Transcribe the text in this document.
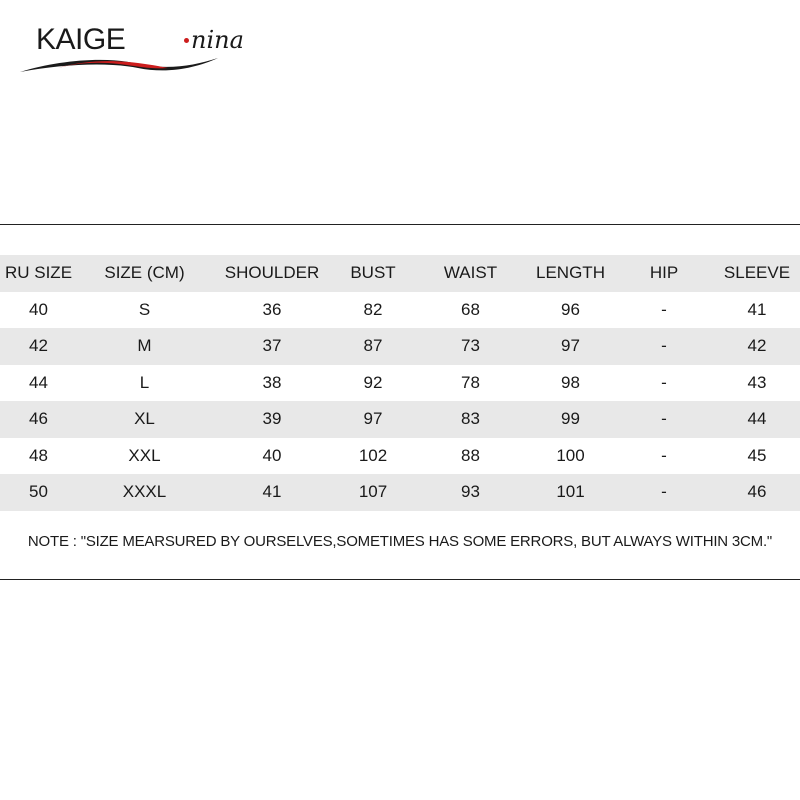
KAIGE	nina
RU SIZE	SIZE (CM)	SHOULDER	BUST	WAIST	LENGTH	HIP	SLEEVE
40	S	36	82	68	96	-	41
42	M	37	87	73	97	-	42
44	L	38	92	78	98	-	43
46	XL	39	97	83	99	-	44
48	XXL	40	102	88	100	-	45
50	XXXL	41	107	93	101	-	46
NOTE : "SIZE MEARSURED BY OURSELVES,SOMETIMES HAS SOME ERRORS, BUT ALWAYS WITHIN 3CM."
